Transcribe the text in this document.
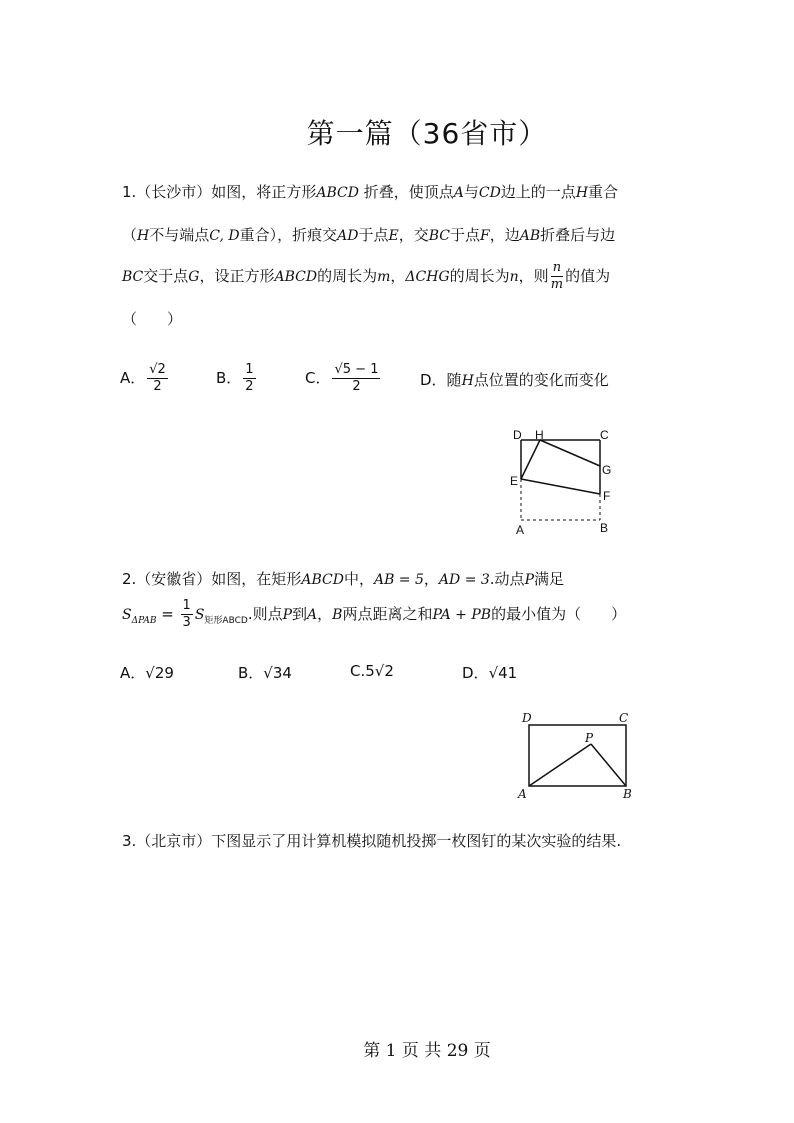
第一篇（36省市）
1.（长沙市）如图，将正方形ABCD 折叠，使顶点A与CD边上的一点H重合
（H不与端点C, D重合），折痕交AD于点E，交BC于点F，边AB折叠后与边
BC交于点G，设正方形ABCD的周长为m，ΔCHG的周长为n，则 $\frac{n}{m}$ 的值为
（　　）
A． $\frac{√2}{2}$	B． $\frac{1}{2}$	C． $\frac{√5 - 1}{2}$	D．随H点位置的变化而变化
D H	C
G
E
F
A	B
2.（安徽省）如图，在矩形ABCD中，AB = 5，AD = 3.动点P满足
$S_{\Delta PAB} = \frac{1}{3} S_{矩形ABCD}$.则点P到A，B两点距离之和PA + PB的最小值为（　　）
A．√29	B．√34	C.5√2	D．√41
D	C
P
A	B
3.（北京市）下图显示了用计算机模拟随机投掷一枚图钉的某次实验的结果.
第 1 页 共 29 页
